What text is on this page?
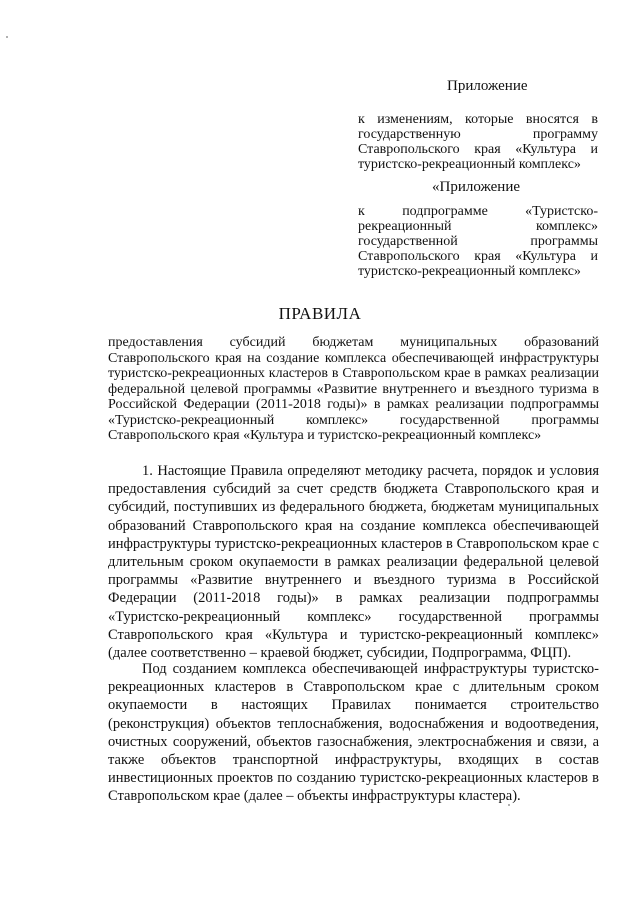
Приложение

к изменениям, которые вносятся в государственную программу Ставропольского края «Культура и туристско-рекреационный комплекс»

«Приложение

к подпрограмме «Туристско-рекреационный комплекс» государственной программы Ставропольского края «Культура и туристско-рекреационный комплекс»

ПРАВИЛА

предоставления субсидий бюджетам муниципальных образований Ставропольского края на создание комплекса обеспечивающей инфраструктуры туристско-рекреационных кластеров в Ставропольском крае в рамках реализации федеральной целевой программы «Развитие внутреннего и въездного туризма в Российской Федерации (2011-2018 годы)» в рамках реализации подпрограммы «Туристско-рекреационный комплекс» государственной программы Ставропольского края «Культура и туристско-рекреационный комплекс»

1. Настоящие Правила определяют методику расчета, порядок и условия предоставления субсидий за счет средств бюджета Ставропольского края и субсидий, поступивших из федерального бюджета, бюджетам муниципальных образований Ставропольского края на создание комплекса обеспечивающей инфраструктуры туристско-рекреационных кластеров в Ставропольском крае с длительным сроком окупаемости в рамках реализации федеральной целевой программы «Развитие внутреннего и въездного туризма в Российской Федерации (2011-2018 годы)» в рамках реализации подпрограммы «Туристско-рекреационный комплекс» государственной программы Ставропольского края «Культура и туристско-рекреационный комплекс» (далее соответственно – краевой бюджет, субсидии, Подпрограмма, ФЦП).

Под созданием комплекса обеспечивающей инфраструктуры туристско-рекреационных кластеров в Ставропольском крае с длительным сроком окупаемости в настоящих Правилах понимается строительство (реконструкция) объектов теплоснабжения, водоснабжения и водоотведения, очистных сооружений, объектов газоснабжения, электроснабжения и связи, а также объектов транспортной инфраструктуры, входящих в состав инвестиционных проектов по созданию туристско-рекреационных кластеров в Ставропольском крае (далее – объекты инфраструктуры кластера).
